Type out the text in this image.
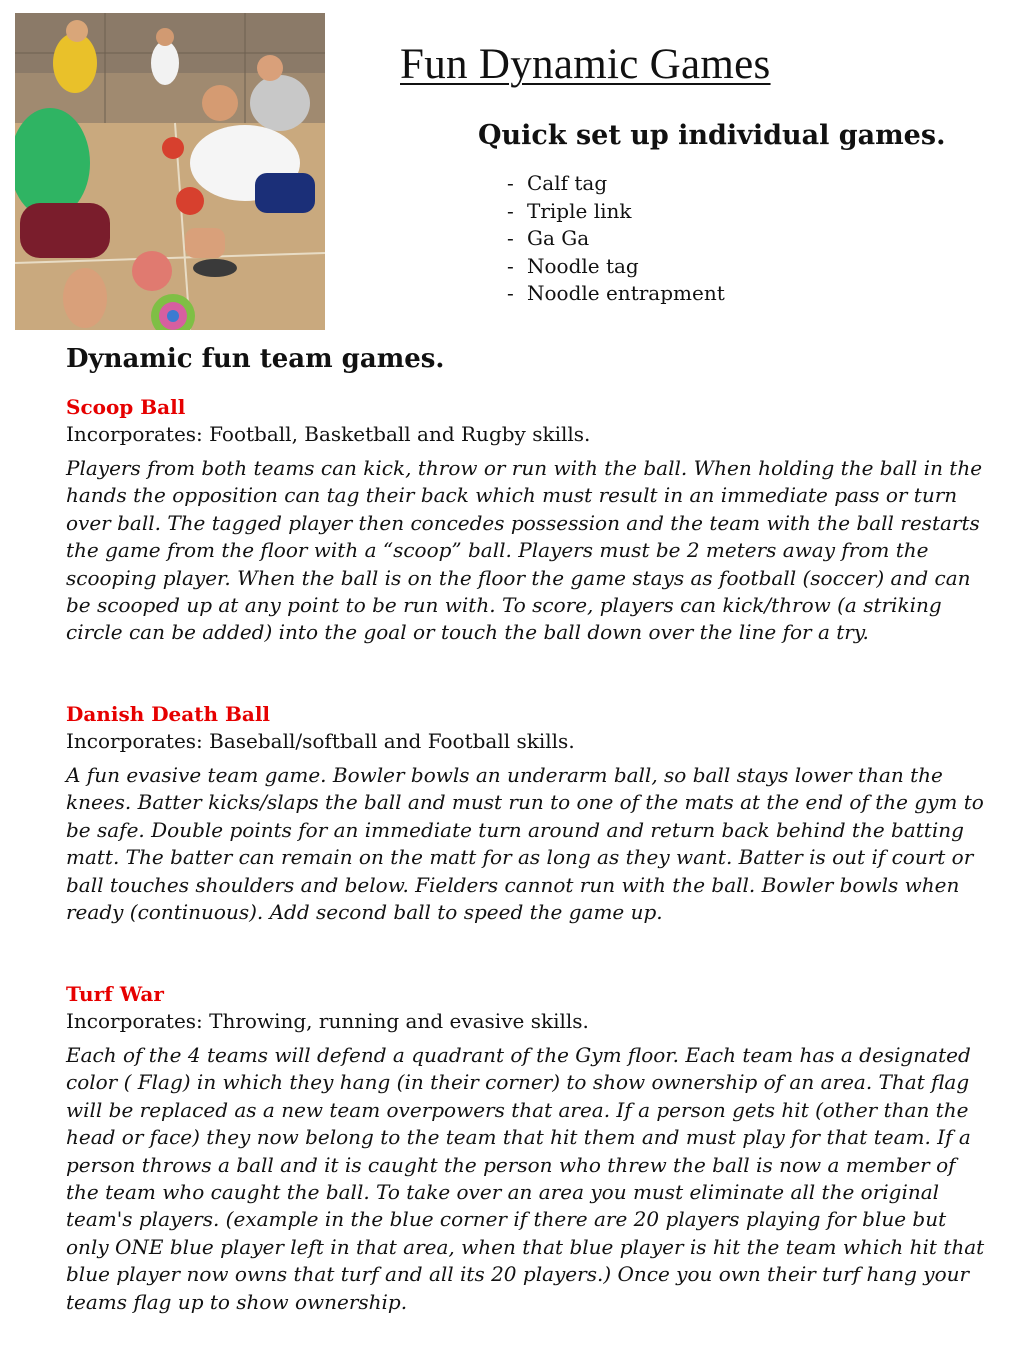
Fun Dynamic Games
Quick set up individual games.
- Calf tag
- Triple link
- Ga Ga
- Noodle tag
- Noodle entrapment
Dynamic fun team games.

Scoop Ball

Incorporates: Football, Basketball and Rugby skills.

Players from both teams can kick, throw or run with the ball. When holding the ball in the hands the opposition can tag their back which must result in an immediate pass or turn over ball. The tagged player then concedes possession and the team with the ball restarts the game from the floor with a “scoop” ball. Players must be 2 meters away from the scooping player. When the ball is on the floor the game stays as football (soccer) and can be scooped up at any point to be run with. To score, players can kick/throw (a striking circle can be added) into the goal or touch the ball down over the line for a try.

Danish Death Ball

Incorporates: Baseball/softball and Football skills.

A fun evasive team game. Bowler bowls an underarm ball, so ball stays lower than the knees. Batter kicks/slaps the ball and must run to one of the mats at the end of the gym to be safe. Double points for an immediate turn around and return back behind the batting matt. The batter can remain on the matt for as long as they want. Batter is out if court or ball touches shoulders and below. Fielders cannot run with the ball. Bowler bowls when ready (continuous). Add second ball to speed the game up.

Turf War

Incorporates: Throwing, running and evasive skills.

Each of the 4 teams will defend a quadrant of the Gym floor. Each team has a designated color ( Flag) in which they hang (in their corner) to show ownership of an area. That flag will be replaced as a new team overpowers that area. If a person gets hit (other than the head or face) they now belong to the team that hit them and must play for that team. If a person throws a ball and it is caught the person who threw the ball is now a member of the team who caught the ball. To take over an area you must eliminate all the original team's players. (example in the blue corner if there are 20 players playing for blue but only ONE blue player left in that area, when that blue player is hit the team which hit that blue player now owns that turf and all its 20 players.) Once you own their turf hang your teams flag up to show ownership.
